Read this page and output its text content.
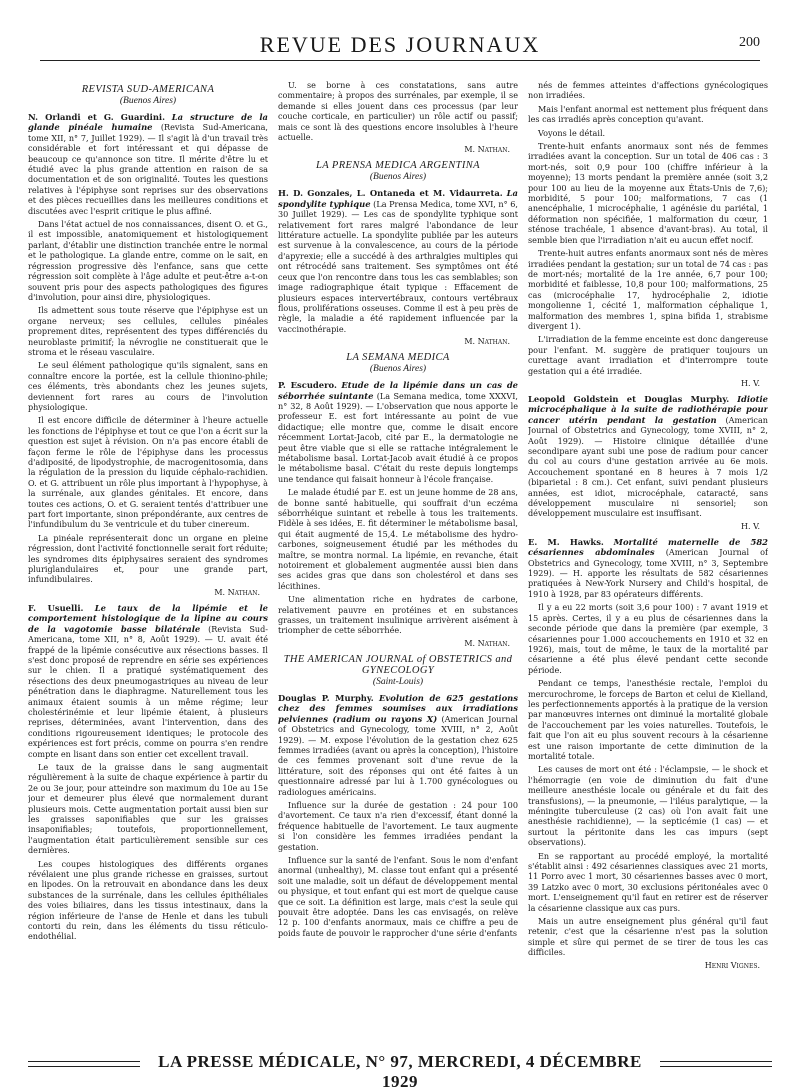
REVUE DES JOURNAUX	200
REVISTA SUD-AMERICANA
(Buenos Aires)

N. Orlandi et G. Guardini. La structure de la glande pinéale humaine (Revista Sud-Americana, tome XII, n° 7, Juillet 1929). — Il s'agit là d'un travail très considérable et fort intéressant et qui dépasse de beaucoup ce qu'annonce son titre. Il mérite d'être lu et étudié avec la plus grande attention en raison de sa documentation et de son originalité. Toutes les questions relatives à l'épiphyse sont reprises sur des observations et des pièces recueillies dans les meilleures conditions et discutées avec l'esprit critique le plus affiné.

Dans l'état actuel de nos connaissances, disent O. et G., il est impossible, anatomiquement et histologiquement parlant, d'établir une distinction tranchée entre le normal et le pathologique. La glande entre, comme on le sait, en régression progressive dès l'enfance, sans que cette régression soit complète à l'âge adulte et peut-être a-t-on souvent pris pour des aspects pathologiques des figures d'involution, pour ainsi dire, physiologiques.

Ils admettent sous toute réserve que l'épiphyse est un organe nerveux; ses cellules, cellules pinéales proprement dites, représentent des types différenciés du neuroblaste primitif; la névroglie ne constituerait que le stroma et le réseau vasculaire.

Le seul élément pathologique qu'ils signalent, sans en connaître encore la portée, est la cellule thionino-phile; ces éléments, très abondants chez les jeunes sujets, deviennent fort rares au cours de l'involution physiologique.

Il est encore difficile de déterminer à l'heure actuelle les fonctions de l'épiphyse et tout ce que l'on a écrit sur la question est sujet à révision. On n'a pas encore établi de façon ferme le rôle de l'épiphyse dans les processus d'adiposité, de lipodystrophie, de macrogenitosomia, dans la régulation de la pression du liquide céphalo-rachidien. O. et G. attribuent un rôle plus important à l'hypophyse, à la surrénale, aux glandes génitales. Et encore, dans toutes ces actions, O. et G. seraient tentés d'attribuer une part fort importante, sinon prépondérante, aux centres de l'infundibulum du 3e ventricule et du tuber cinereum.

La pinéale représenterait donc un organe en pleine régression, dont l'activité fonctionnelle serait fort réduite; les syndromes dits épiphysaires seraient des syndromes pluriglandulaires et, pour une grande part, infundibulaires.

M. Nathan.

F. Usuelli. Le taux de la lipémie et le comportement histologique de la lipine au cours de la vagotomie basse bilatérale (Revista Sud-Americana, tome XII, n° 8, Août 1929). — U. avait été frappé de la lipémie consécutive aux résections basses. Il s'est donc proposé de reprendre en série ses expériences sur le chien. Il a pratiqué systématiquement des résections des deux pneumogastriques au niveau de leur pénétration dans le diaphragme. Naturellement tous les animaux étaient soumis à un même régime; leur cholestérinémie et leur lipémie étaient, à plusieurs reprises, déterminées, avant l'intervention, dans des conditions rigoureusement identiques; le protocole des expériences est fort précis, comme on pourra s'en rendre compte en lisant dans son entier cet excellent travail.

Le taux de la graisse dans le sang augmentait régulièrement à la suite de chaque expérience à partir du 2e ou 3e jour, pour atteindre son maximum du 10e au 15e jour et demeurer plus élevé que normalement durant plusieurs mois. Cette augmentation portait aussi bien sur les graisses saponifiables que sur les graisses insaponifiables; toutefois, proportionnellement, l'augmentation était particulièrement sensible sur ces dernières.

Les coupes histologiques des différents organes révélaient une plus grande richesse en graisses, surtout en lipodes. On la retrouvait en abondance dans les deux substances de la surrénale, dans les cellules épithéliales des voies biliaires, dans les tissus intestinaux, dans la région inférieure de l'anse de Henle et dans les tubuli contorti du rein, dans les éléments du tissu réticulo-endothélial.

U. se borne à ces constatations, sans autre commentaire; à propos des surrénales, par exemple, il se demande si elles jouent dans ces processus (par leur couche corticale, en particulier) un rôle actif ou passif; mais ce sont là des questions encore insolubles à l'heure actuelle.

M. Nathan.

LA PRENSA MEDICA ARGENTINA
(Buenos Aires)

H. D. Gonzales, L. Ontaneda et M. Vidaurreta. La spondylite typhique (La Prensa Medica, tome XVI, n° 6, 30 Juillet 1929). — Les cas de spondylite typhique sont relativement fort rares malgré l'abondance de leur littérature actuelle. La spondylite publiée par les auteurs est survenue à la convalescence, au cours de la période d'apyrexie; elle a succédé à des arthralgies multiples qui ont rétrocédé sans traitement. Ses symptômes ont été ceux que l'on rencontre dans tous les cas semblables; son image radiographique était typique : Effacement de plusieurs espaces intervertébraux, contours vertébraux flous, proliférations osseuses. Comme il est à peu près de règle, la maladie a été rapidement influencée par la vaccinothérapie.

M. Nathan.

LA SEMANA MEDICA
(Buenos Aires)

P. Escudero. Etude de la lipémie dans un cas de séborrhée suintante (La Semana medica, tome XXXVI, n° 32, 8 Août 1929). — L'observation que nous apporte le professeur E. est fort intéressante au point de vue didactique; elle montre que, comme le disait encore récemment Lortat-Jacob, cité par E., la dermatologie ne peut être viable que si elle se rattache intégralement le métabolisme basal. Lortat-Jacob avait étudié à ce propos le métabolisme basal. C'était du reste depuis longtemps une tendance qui faisait honneur à l'école française.

Le malade étudié par E. est un jeune homme de 28 ans, de bonne santé habituelle, qui souffrait d'un eczéma séborrhéique suintant et rebelle à tous les traitements. Fidèle à ses idées, E. fit déterminer le métabolisme basal, qui était augmenté de 15,4. Le métabolisme des hydro-carbones, soigneusement étudié par les méthodes du maître, se montra normal. La lipémie, en revanche, était notoirement et globalement augmentée aussi bien dans ses acides gras que dans son cholestérol et dans ses lécithines.

Une alimentation riche en hydrates de carbone, relativement pauvre en protéines et en substances grasses, un traitement insulinique arrivèrent aisément à triompher de cette séborrhée.

M. Nathan.

THE AMERICAN JOURNAL of OBSTETRICS and GYNECOLOGY
(Saint-Louis)

Douglas P. Murphy. Evolution de 625 gestations chez des femmes soumises aux irradiations pelviennes (radium ou rayons X) (American Journal of Obstetrics and Gynecology, tome XVIII, n° 2, Août 1929). — M. expose l'évolution de la gestation chez 625 femmes irradiées (avant ou après la conception), l'histoire de ces femmes provenant soit d'une revue de la littérature, soit des réponses qui ont été faites à un questionnaire adressé par lui à 1.700 gynécologues ou radiologues américains.

Influence sur la durée de gestation : 24 pour 100 d'avortement. Ce taux n'a rien d'excessif, étant donné la fréquence habituelle de l'avortement. Le taux augmente si l'on considère les femmes irradiées pendant la gestation.

Influence sur la santé de l'enfant. Sous le nom d'enfant anormal (unhealthy), M. classe tout enfant qui a présenté soit une maladie, soit un défaut de développement mental ou physique, et tout enfant qui est mort de quelque cause que ce soit. La définition est large, mais c'est la seule qui pouvait être adoptée. Dans les cas envisagés, on relève 12 p. 100 d'enfants anormaux, mais ce chiffre a peu de poids faute de pouvoir le rapprocher d'une série d'enfants

nés de femmes atteintes d'affections gynécologiques non irradiées.

Mais l'enfant anormal est nettement plus fréquent dans les cas irradiés après conception qu'avant.

Voyons le détail.

Trente-huit enfants anormaux sont nés de femmes irradiées avant la conception. Sur un total de 406 cas : 3 mort-nés, soit 0,9 pour 100 (chiffre inférieur à la moyenne); 13 morts pendant la première année (soit 3,2 pour 100 au lieu de la moyenne aux États-Unis de 7,6); morbidité, 5 pour 100; malformations, 7 cas (1 anencéphalie, 1 microcéphalie, 1 agénésie du pariétal, 1 déformation non spécifiée, 1 malformation du cœur, 1 sténose trachéale, 1 absence d'avant-bras). Au total, il semble bien que l'irradiation n'ait eu aucun effet nocif.

Trente-huit autres enfants anormaux sont nés de mères irradiées pendant la gestation; sur un total de 74 cas : pas de mort-nés; mortalité de la 1re année, 6,7 pour 100; morbidité et faiblesse, 10,8 pour 100; malformations, 25 cas (microcéphalie 17, hydrocéphalie 2, idiotie mongolienne 1, cécité 1, malformation céphalique 1, malformation des membres 1, spina bifida 1, strabisme divergent 1).

L'irradiation de la femme enceinte est donc dangereuse pour l'enfant. M. suggère de pratiquer toujours un curettage avant irradiation et d'interrompre toute gestation qui a été irradiée.

H. V.

Leopold Goldstein et Douglas Murphy. Idiotie microcéphalique à la suite de radiothérapie pour cancer utérin pendant la gestation (American Journal of Obstetrics and Gynecology, tome XVIII, n° 2, Août 1929). — Histoire clinique détaillée d'une secondipare ayant subi une pose de radium pour cancer du col au cours d'une gestation arrivée au 6e mois. Accouchement spontané en 8 heures à 7 mois 1/2 (biparietal : 8 cm.). Cet enfant, suivi pendant plusieurs années, est idiot, microcéphale, cataracté, sans développement musculaire ni sensoriel; son développement musculaire est insuffisant.

H. V.

E. M. Hawks. Mortalité maternelle de 582 césariennes abdominales (American Journal of Obstetrics and Gynecology, tome XVIII, n° 3, Septembre 1929). — H. apporte les résultats de 582 césariennes pratiquées à New-York Nursery and Child's hospital, de 1910 à 1928, par 83 opérateurs différents.

Il y a eu 22 morts (soit 3,6 pour 100) : 7 avant 1919 et 15 après. Certes, il y a eu plus de césariennes dans la seconde période que dans la première (par exemple, 3 césariennes pour 1.000 accouchements en 1910 et 32 en 1926), mais, tout de même, le taux de la mortalité par césarienne a été plus élevé pendant cette seconde période.

Pendant ce temps, l'anesthésie rectale, l'emploi du mercurochrome, le forceps de Barton et celui de Kielland, les perfectionnements apportés à la pratique de la version par manœuvres internes ont diminué la mortalité globale de l'accouchement par les voies naturelles. Toutefois, le fait que l'on ait eu plus souvent recours à la césarienne est une raison importante de cette diminution de la mortalité totale.

Les causes de mort ont été : l'éclampsie, — le shock et l'hémorragie (en voie de diminution du fait d'une meilleure anesthésie locale ou générale et du fait des transfusions), — la pneumonie, — l'iléus paralytique, — la méningite tuberculeuse (2 cas) où l'on avait fait une anesthésie rachidienne), — la septicémie (1 cas) — et surtout la péritonite dans les cas impurs (sept observations).

En se rapportant au procédé employé, la mortalité s'établit ainsi : 492 césariennes classiques avec 21 morts, 11 Porro avec 1 mort, 30 césariennes basses avec 0 mort, 39 Latzko avec 0 mort, 30 exclusions péritonéales avec 0 mort. L'enseignement qu'il faut en retirer est de réserver la césarienne classique aux cas purs.

Mais un autre enseignement plus général qu'il faut retenir, c'est que la césarienne n'est pas la solution simple et sûre qui permet de se tirer de tous les cas difficiles.

Henri Vignes.

LA PRESSE MÉDICALE, N° 97, MERCREDI, 4 DÉCEMBRE 1929
